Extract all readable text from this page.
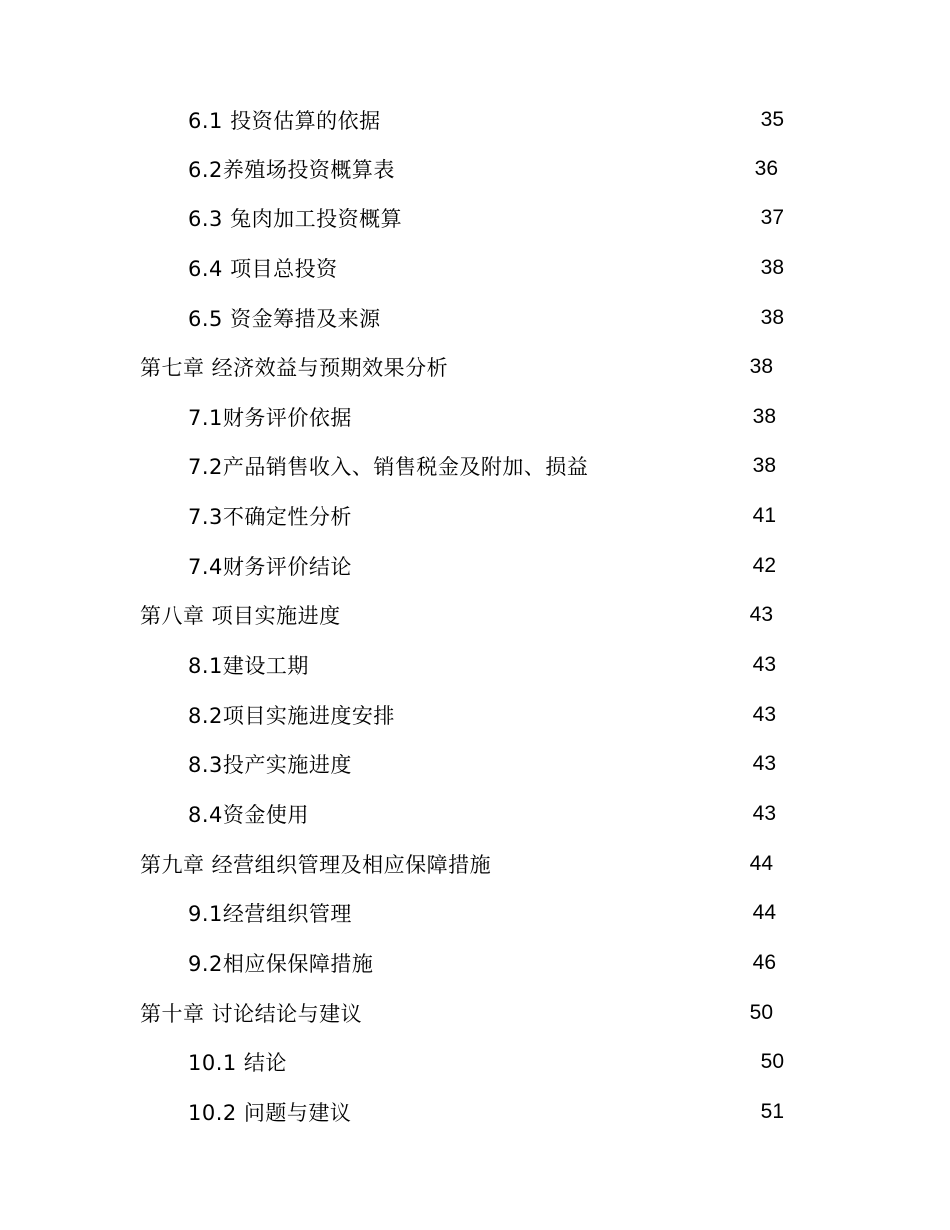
6.1 投资估算的依据	35
6.2养殖场投资概算表	36
6.3 兔肉加工投资概算	37
6.4 项目总投资	38
6.5 资金筹措及来源	38
第七章 经济效益与预期效果分析	38
7.1财务评价依据	38
7.2产品销售收入、销售税金及附加、损益	38
7.3不确定性分析	41
7.4财务评价结论	42
第八章 项目实施进度	43
8.1建设工期	43
8.2项目实施进度安排	43
8.3投产实施进度	43
8.4资金使用	43
第九章 经营组织管理及相应保障措施	44
9.1经营组织管理	44
9.2相应保保障措施	46
第十章 讨论结论与建议	50
10.1 结论	50
10.2 问题与建议	51
